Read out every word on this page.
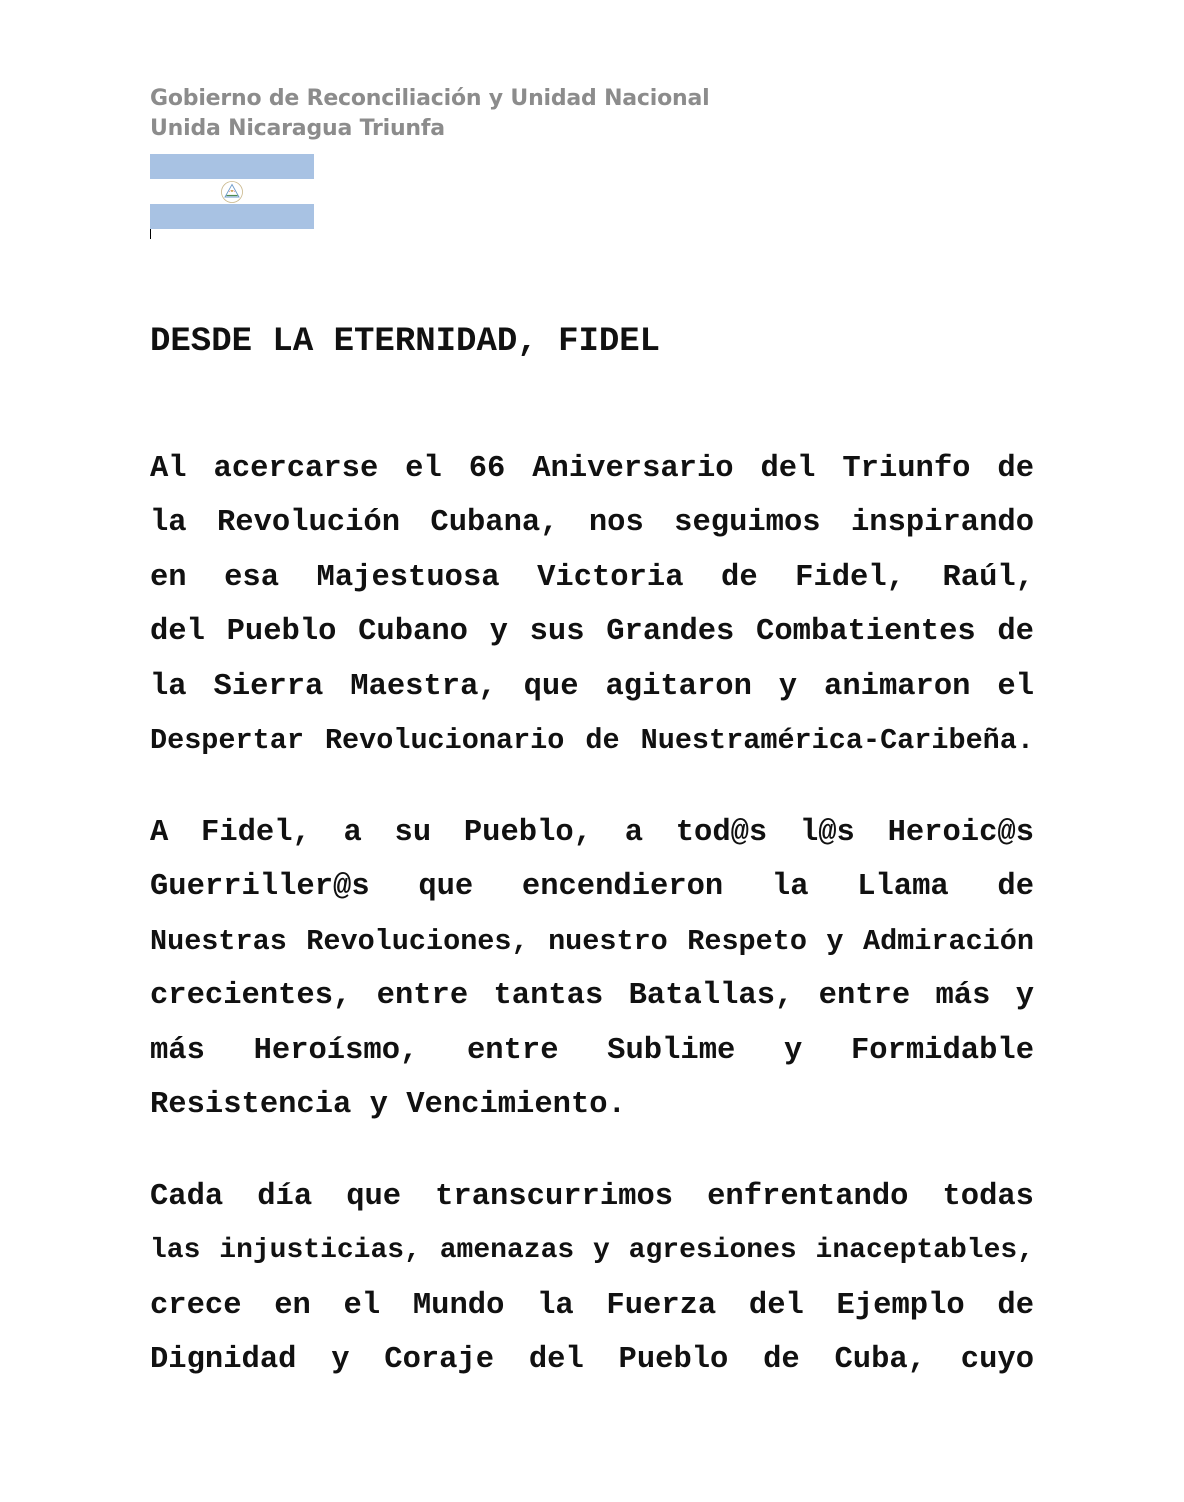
Gobierno de Reconciliación y Unidad Nacional
Unida Nicaragua Triunfa
DESDE LA ETERNIDAD, FIDEL
Al acercarse el 66 Aniversario del Triunfo de
la Revolución Cubana, nos seguimos inspirando
en esa Majestuosa Victoria de Fidel, Raúl,
del Pueblo Cubano y sus Grandes Combatientes de
la Sierra Maestra, que agitaron y animaron el
Despertar Revolucionario de Nuestramérica-Caribeña.
A Fidel, a su Pueblo, a tod@s l@s Heroic@s
Guerriller@s que encendieron la Llama de
Nuestras Revoluciones, nuestro Respeto y Admiración
crecientes, entre tantas Batallas, entre más y
más Heroísmo, entre Sublime y Formidable
Resistencia y Vencimiento.
Cada día que transcurrimos enfrentando todas
las injusticias, amenazas y agresiones inaceptables,
crece en el Mundo la Fuerza del Ejemplo de
Dignidad y Coraje del Pueblo de Cuba, cuyo
